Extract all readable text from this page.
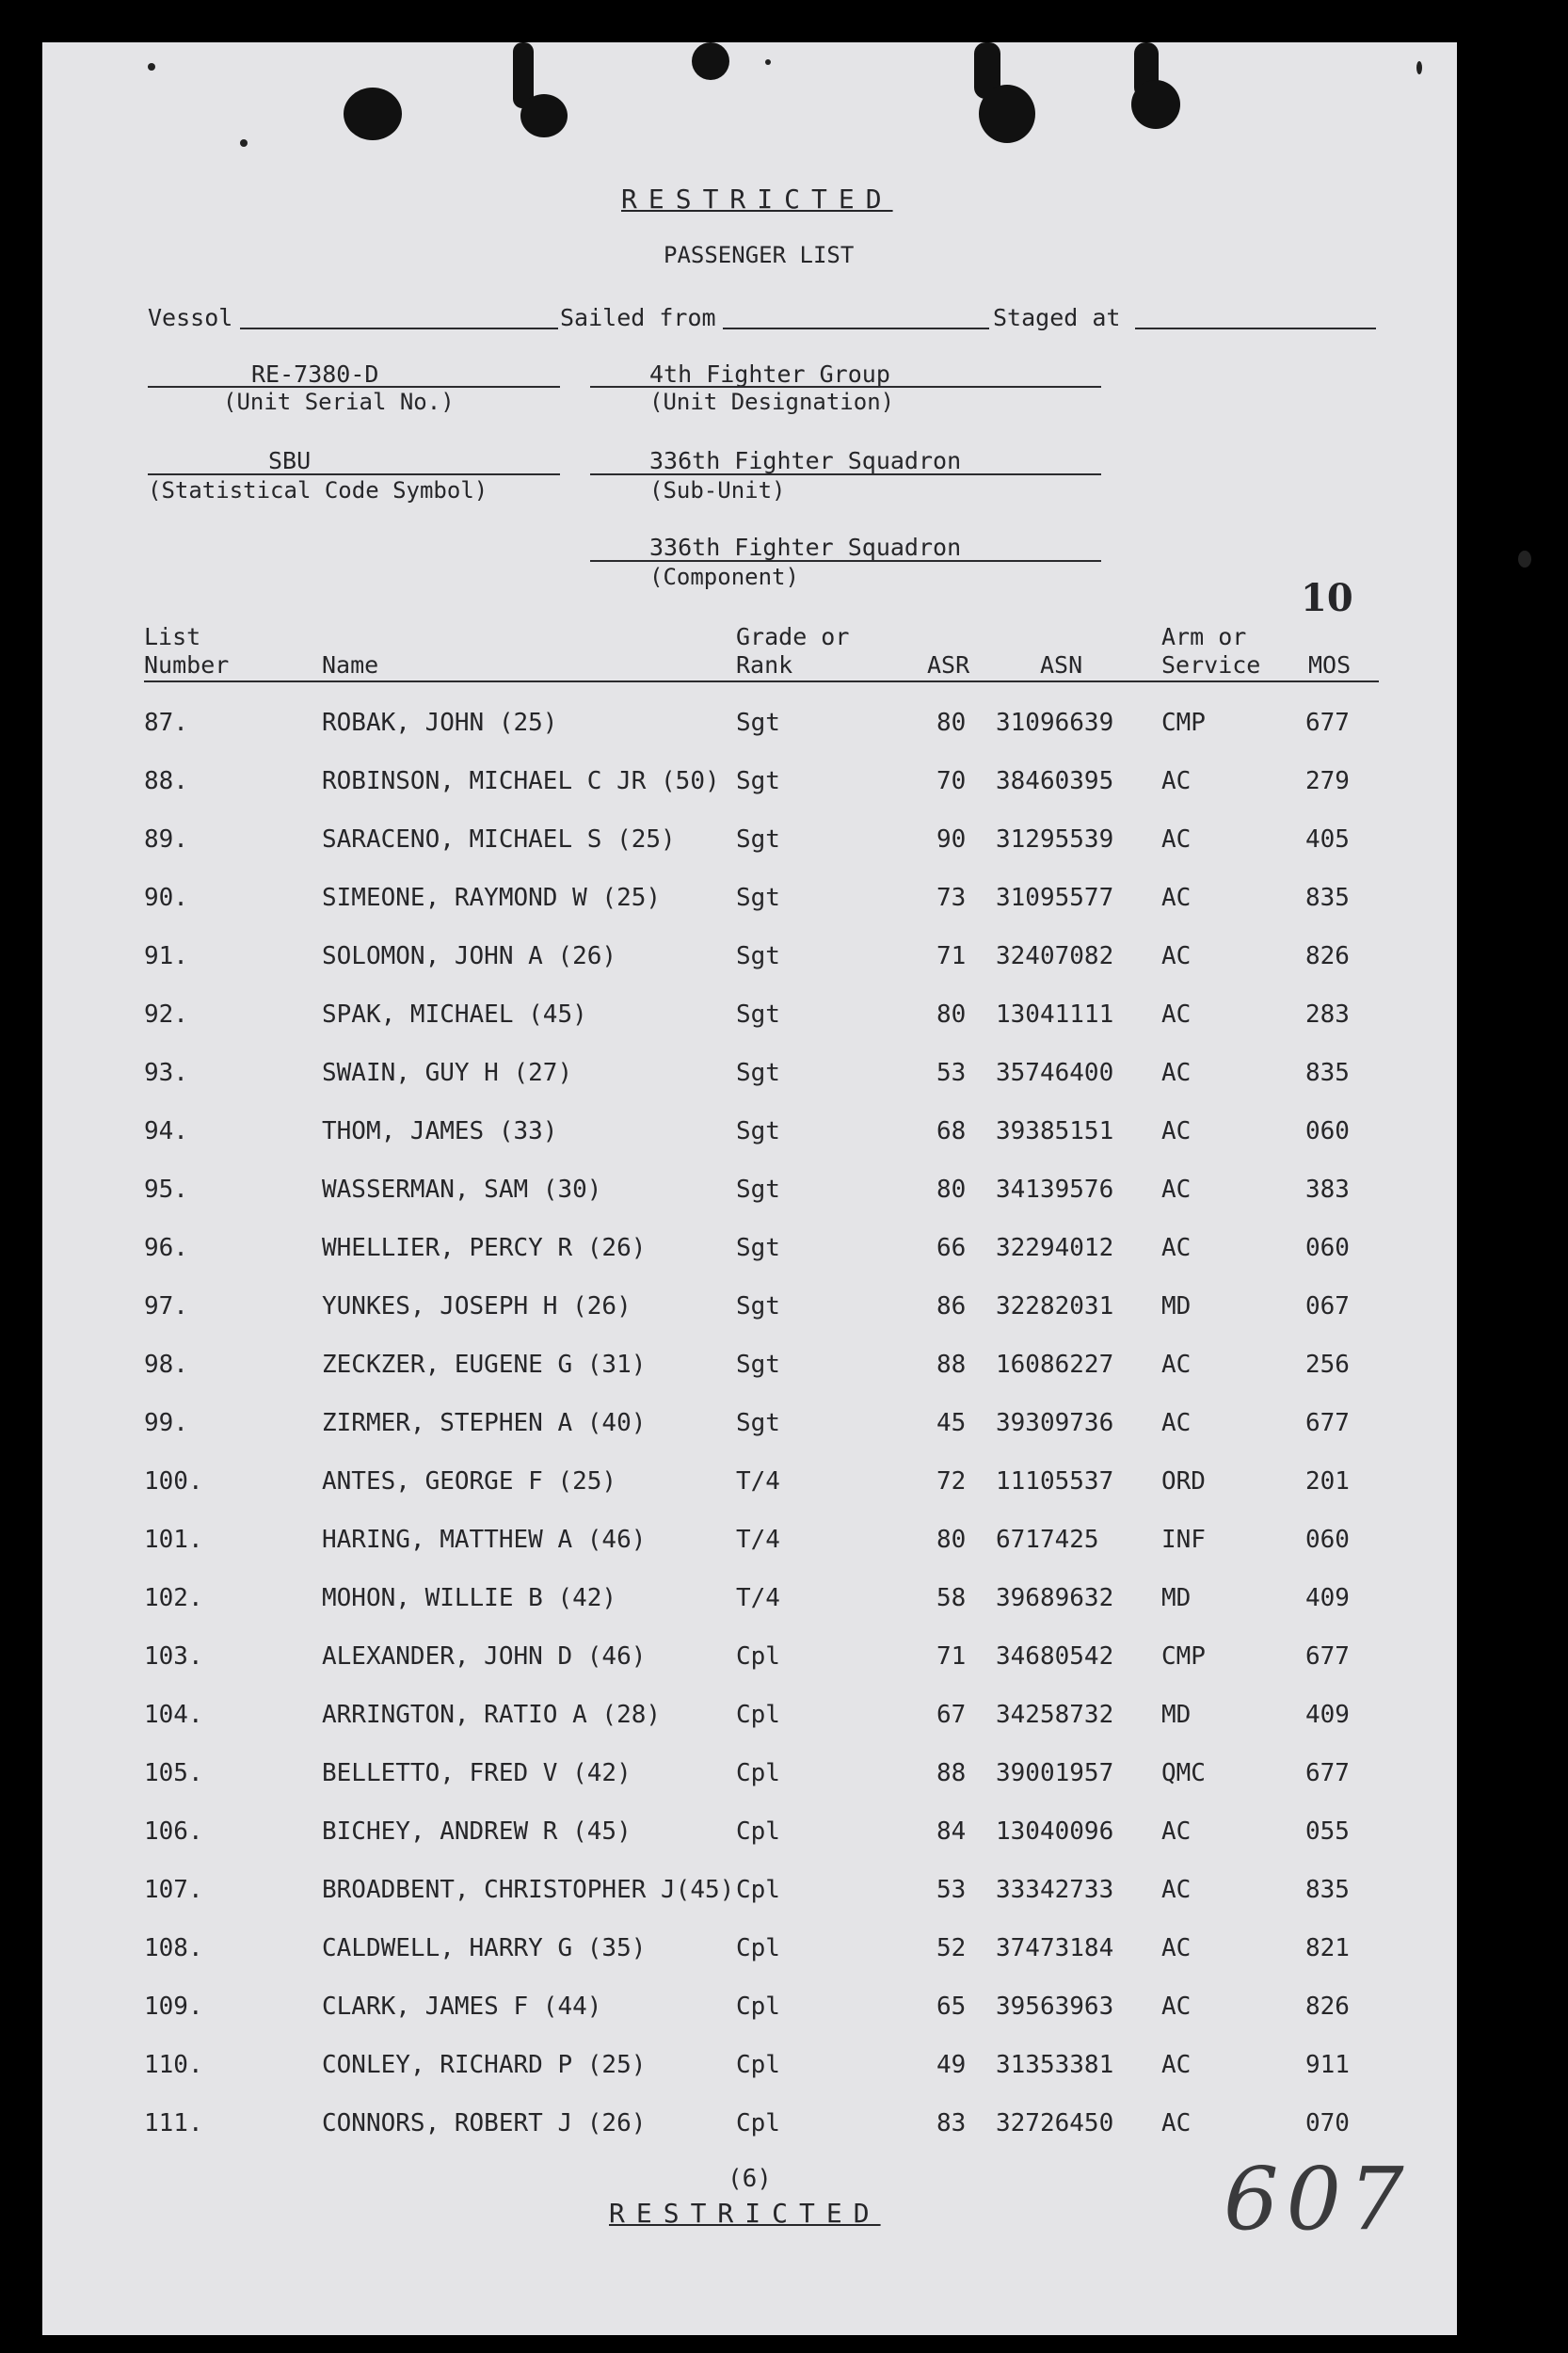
RESTRICTED
PASSENGER LIST
Vessol	Sailed from	Staged at
RE-7380-D
(Unit Serial No.)
4th Fighter Group
(Unit Designation)
SBU
(Statistical Code Symbol)
336th Fighter Squadron
(Sub-Unit)
336th Fighter Squadron
(Component)	10
List
Number	Name
Grade or
Rank	ASR	ASN
Arm or
Service MOS
87.	ROBAK, JOHN (25)	Sgt	80 31096639 CMP	677
88.	ROBINSON, MICHAEL C JR (50) Sgt	70 38460395 AC	279
89.	SARACENO, MICHAEL S (25) Sgt	90 31295539 AC	405
90.	SIMEONE, RAYMOND W (25)	Sgt	73 31095577 AC	835
91.	SOLOMON, JOHN A (26)	Sgt	71 32407082 AC	826
92.	SPAK, MICHAEL (45)	Sgt	80 13041111 AC	283
93.	SWAIN, GUY H (27)	Sgt	53 35746400 AC	835
94.	THOM, JAMES (33)	Sgt	68 39385151 AC	060
95.	WASSERMAN, SAM (30)	Sgt	80 34139576 AC	383
96.	WHELLIER, PERCY R (26)	Sgt	66 32294012 AC	060
97.	YUNKES, JOSEPH H (26)	Sgt	86 32282031 MD	067
98.	ZECKZER, EUGENE G (31)	Sgt	88 16086227 AC	256
99.	ZIRMER, STEPHEN A (40)	Sgt	45 39309736 AC	677
100.	ANTES, GEORGE F (25)	T/4	72 11105537 ORD	201
101.	HARING, MATTHEW A (46)	T/4	80 6717425	INF	060
102.	MOHON, WILLIE B (42)	T/4	58 39689632 MD	409
103.	ALEXANDER, JOHN D (46)	Cpl	71 34680542 CMP	677
104.	ARRINGTON, RATIO A (28)	Cpl	67 34258732 MD	409
105.	BELLETTO, FRED V (42)	Cpl	88 39001957 QMC	677
106.	BICHEY, ANDREW R (45)	Cpl	84 13040096 AC	055
107.	BROADBENT, CHRISTOPHER J(45) Cpl	53 33342733 AC	835
108.	CALDWELL, HARRY G (35)	Cpl	52 37473184 AC	821
109.	CLARK, JAMES F (44)	Cpl	65 39563963 AC	826
110.	CONLEY, RICHARD P (25)	Cpl	49 31353381 AC	911
111.	CONNORS, ROBERT J (26)	Cpl	83 32726450 AC	070
(6)
RESTRICTED	607
